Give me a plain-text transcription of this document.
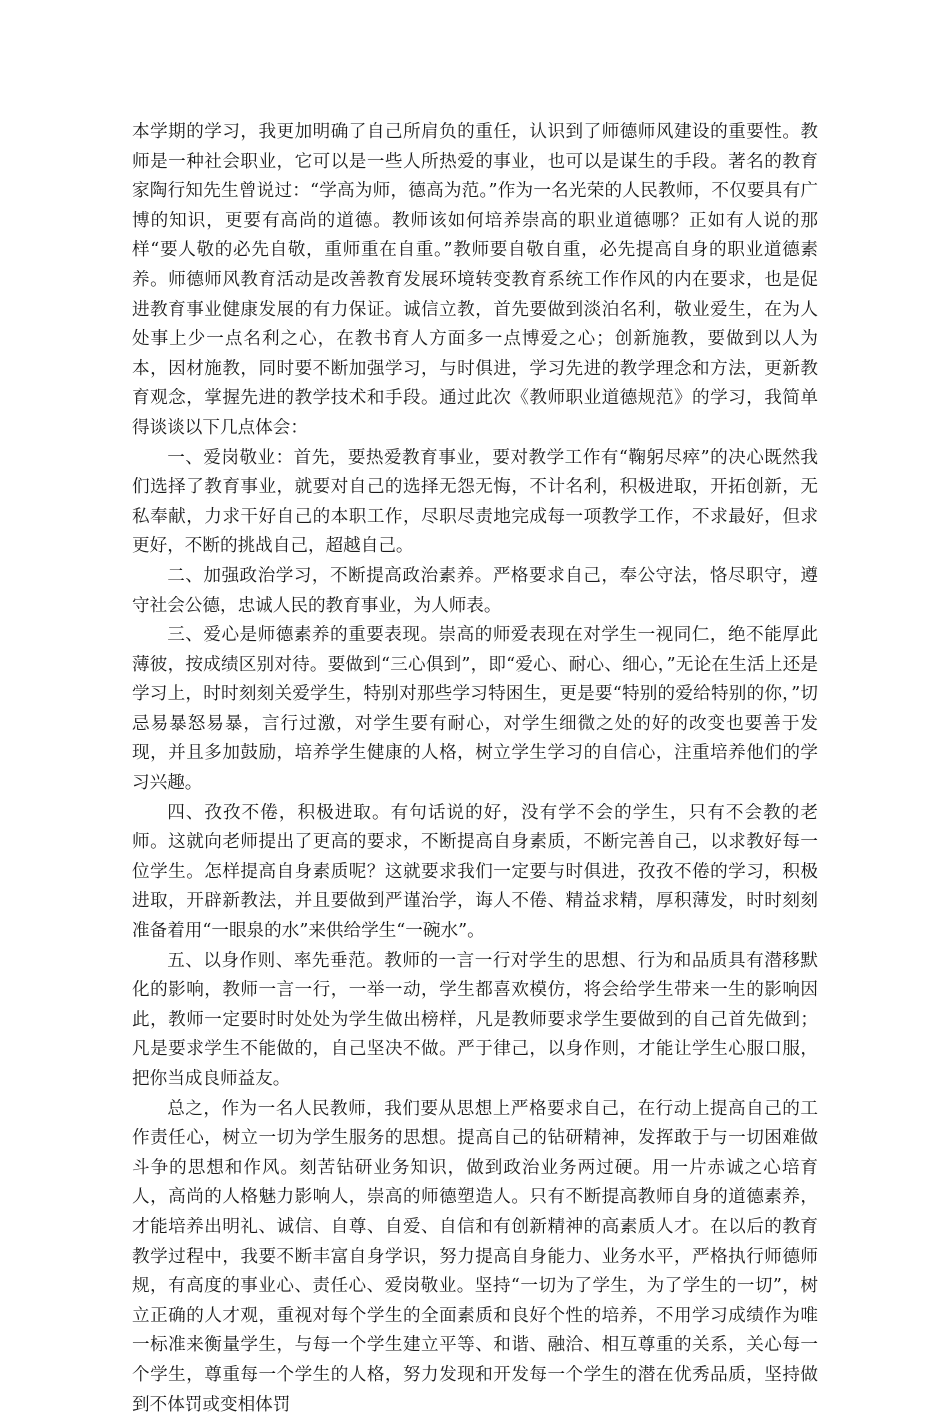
本学期的学习，我更加明确了自己所肩负的重任，认识到了师德师风建设的重要性。教师是一种社会职业，它可以是一些人所热爱的事业，也可以是谋生的手段。著名的教育家陶行知先生曾说过：“学高为师，德高为范。”作为一名光荣的人民教师，不仅要具有广博的知识，更要有高尚的道德。教师该如何培养崇高的职业道德哪？正如有人说的那样“要人敬的必先自敬，重师重在自重。”教师要自敬自重，必先提高自身的职业道德素养。师德师风教育活动是改善教育发展环境转变教育系统工作作风的内在要求，也是促进教育事业健康发展的有力保证。诚信立教，首先要做到淡泊名利，敬业爱生，在为人处事上少一点名利之心，在教书育人方面多一点博爱之心；创新施教，要做到以人为本，因材施教，同时要不断加强学习，与时俱进，学习先进的教学理念和方法，更新教育观念，掌握先进的教学技术和手段。通过此次《教师职业道德规范》的学习，我简单得谈谈以下几点体会：

一、爱岗敬业：首先，要热爱教育事业，要对教学工作有“鞠躬尽瘁”的决心既然我们选择了教育事业，就要对自己的选择无怨无悔，不计名利，积极进取，开拓创新，无私奉献，力求干好自己的本职工作，尽职尽责地完成每一项教学工作，不求最好，但求更好，不断的挑战自己，超越自己。

二、加强政治学习，不断提高政治素养。严格要求自己，奉公守法，恪尽职守，遵守社会公德，忠诚人民的教育事业，为人师表。

三、爱心是师德素养的重要表现。崇高的师爱表现在对学生一视同仁，绝不能厚此薄彼，按成绩区别对待。要做到“三心俱到”，即“爱心、耐心、细心，”无论在生活上还是学习上，时时刻刻关爱学生，特别对那些学习特困生，更是要“特别的爱给特别的你，”切忌易暴怒易暴，言行过激，对学生要有耐心，对学生细微之处的好的改变也要善于发现，并且多加鼓励，培养学生健康的人格，树立学生学习的自信心，注重培养他们的学习兴趣。

四、孜孜不倦，积极进取。有句话说的好，没有学不会的学生，只有不会教的老师。这就向老师提出了更高的要求，不断提高自身素质，不断完善自己，以求教好每一位学生。怎样提高自身素质呢？这就要求我们一定要与时俱进，孜孜不倦的学习，积极进取，开辟新教法，并且要做到严谨治学，诲人不倦、精益求精，厚积薄发，时时刻刻准备着用“一眼泉的水”来供给学生“一碗水”。

五、以身作则、率先垂范。教师的一言一行对学生的思想、行为和品质具有潜移默化的影响，教师一言一行，一举一动，学生都喜欢模仿，将会给学生带来一生的影响因此，教师一定要时时处处为学生做出榜样，凡是教师要求学生要做到的自己首先做到；凡是要求学生不能做的，自己坚决不做。严于律己，以身作则，才能让学生心服口服，把你当成良师益友。

总之，作为一名人民教师，我们要从思想上严格要求自己，在行动上提高自己的工作责任心，树立一切为学生服务的思想。提高自己的钻研精神，发挥敢于与一切困难做斗争的思想和作风。刻苦钻研业务知识，做到政治业务两过硬。用一片赤诚之心培育人，高尚的人格魅力影响人，崇高的师德塑造人。只有不断提高教师自身的道德素养，才能培养出明礼、诚信、自尊、自爱、自信和有创新精神的高素质人才。在以后的教育教学过程中，我要不断丰富自身学识，努力提高自身能力、业务水平，严格执行师德师规，有高度的事业心、责任心、爱岗敬业。坚持“一切为了学生，为了学生的一切”，树立正确的人才观，重视对每个学生的全面素质和良好个性的培养，不用学习成绩作为唯一标准来衡量学生，与每一个学生建立平等、和谐、融洽、相互尊重的关系，关心每一个学生，尊重每一个学生的人格，努力发现和开发每一个学生的潜在优秀品质，坚持做到不体罚或变相体罚
